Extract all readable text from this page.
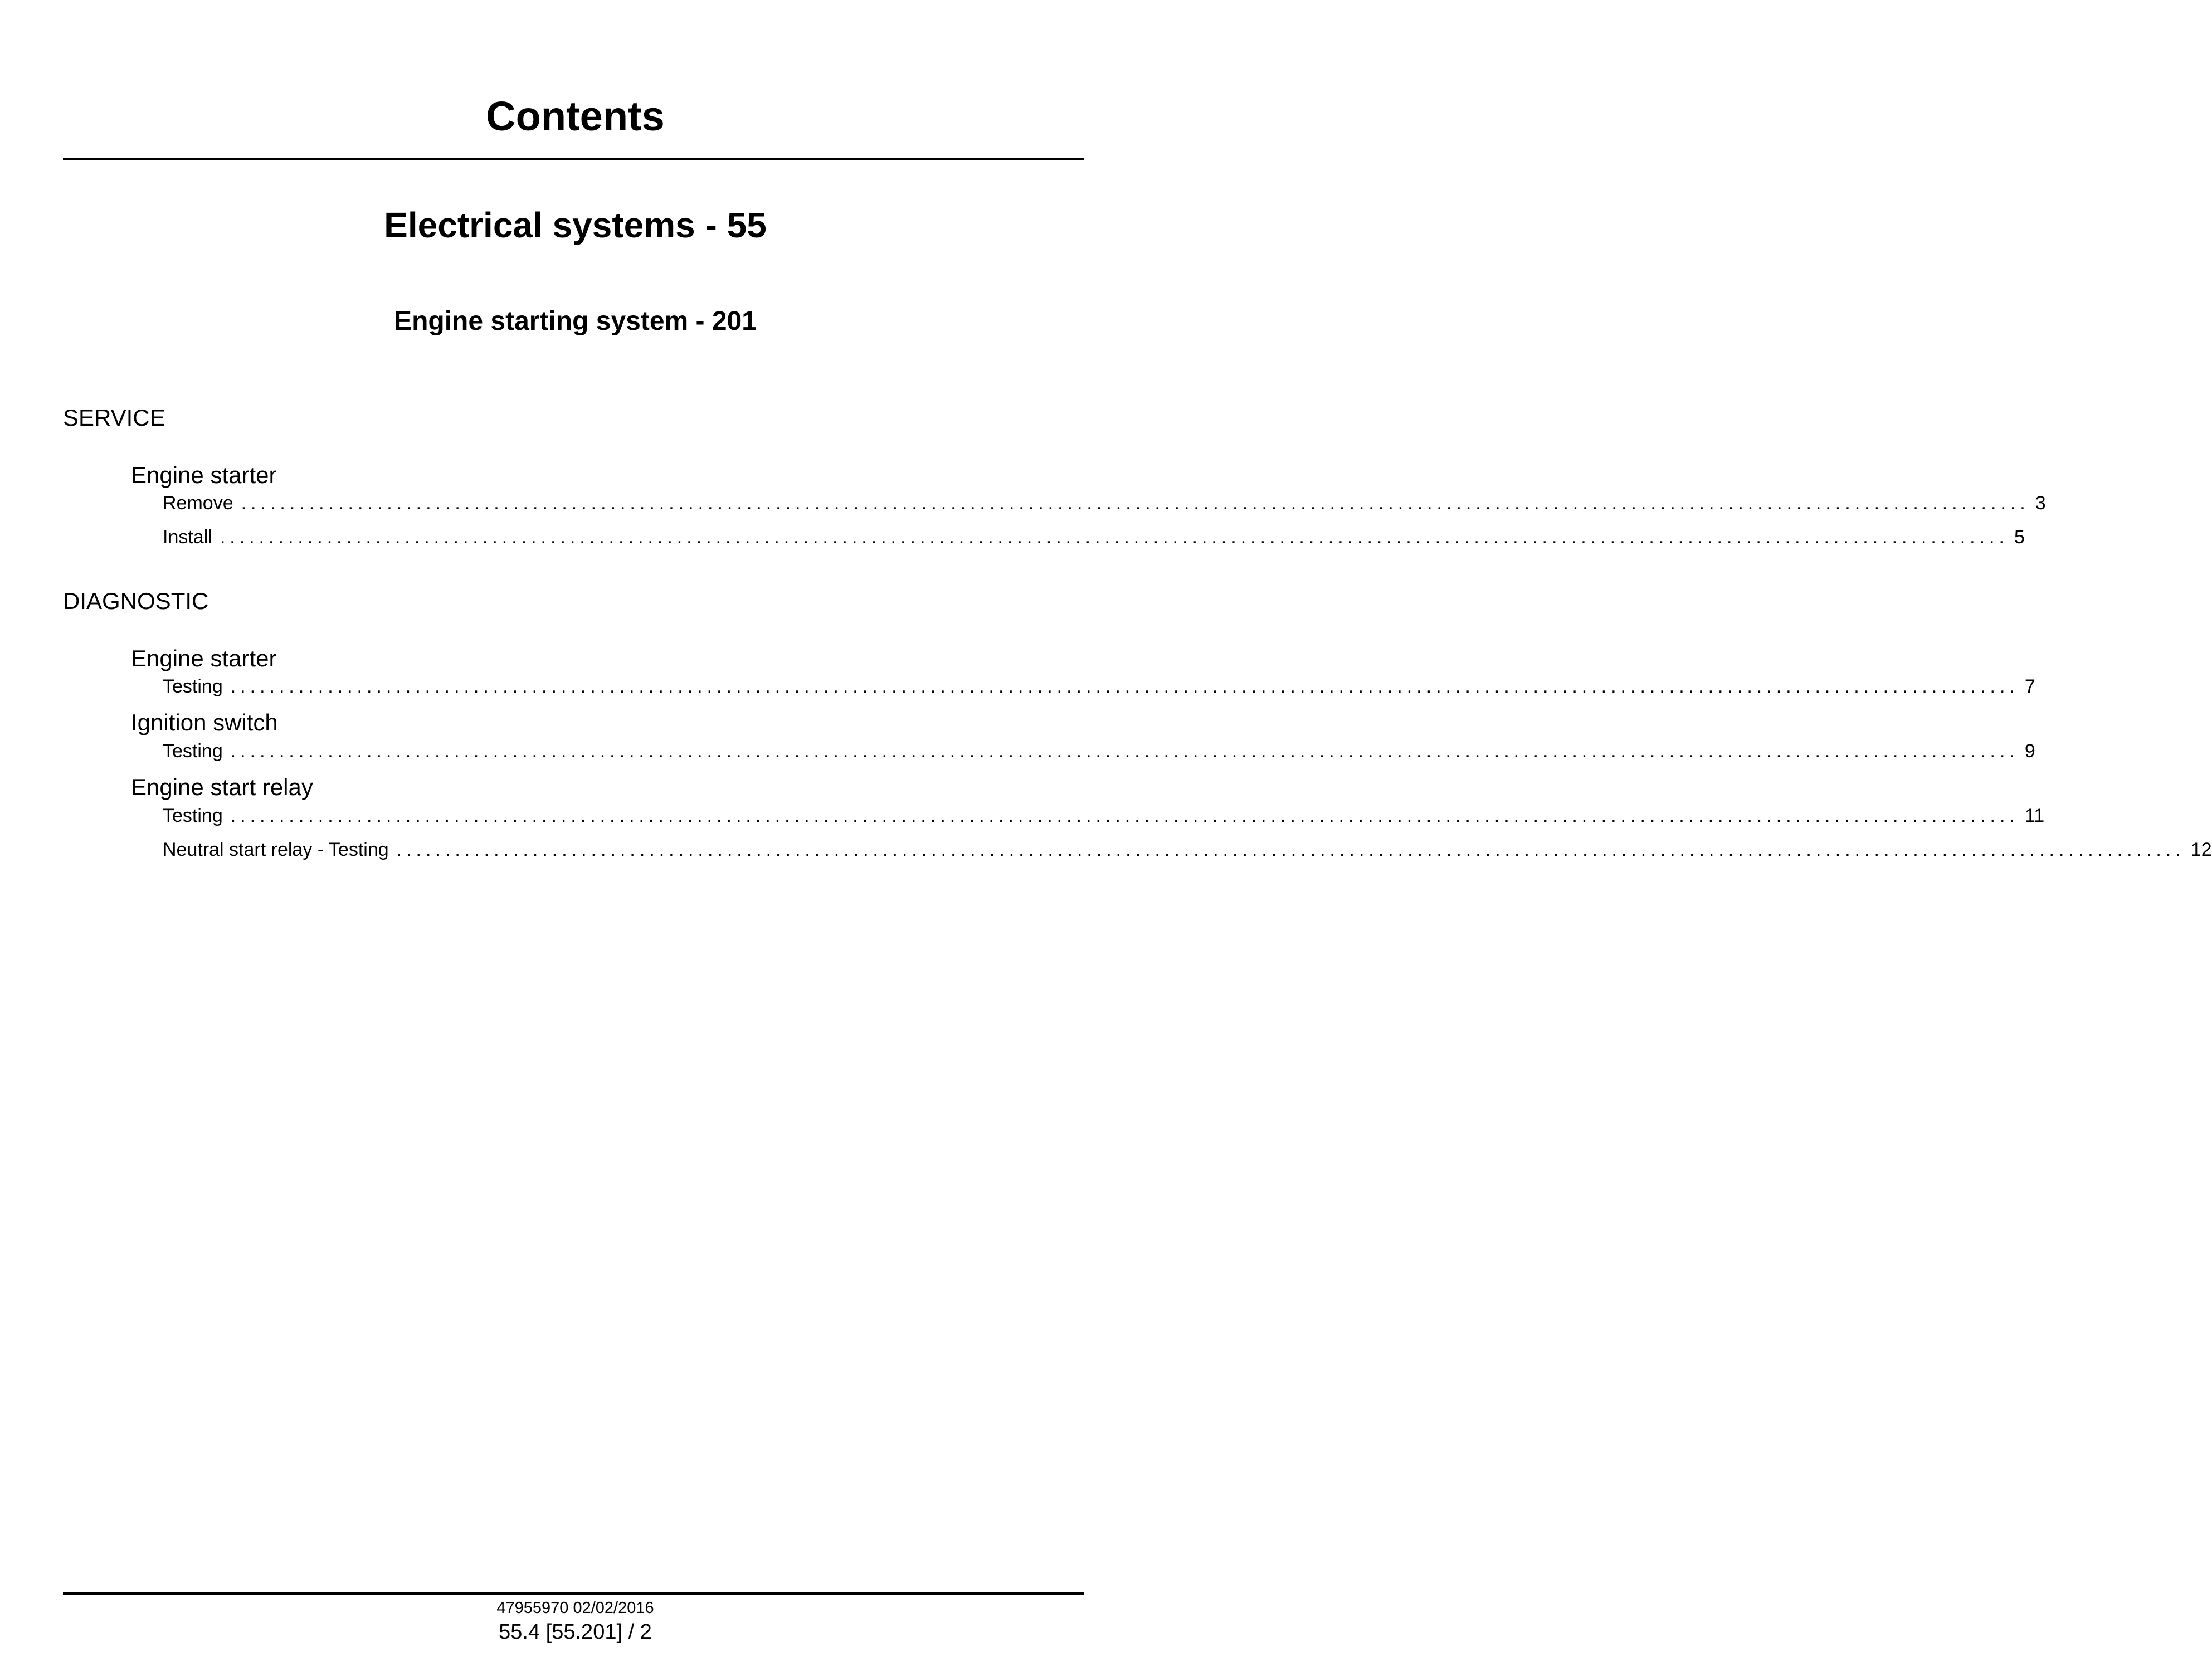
Contents
Electrical systems - 55
Engine starting system - 201
SERVICE
Engine starter
Remove ........................................................................................................................................................................................ 3
Install ........................................................................................................................................................................................ 5
DIAGNOSTIC
Engine starter
Testing ........................................................................................................................................................................................ 7
Ignition switch
Testing ........................................................................................................................................................................................ 9
Engine start relay
Testing ........................................................................................................................................................................................ 11
Neutral start relay - Testing ........................................................................................................................................................................................ 12
47955970 02/02/2016
55.4 [55.201] / 2
